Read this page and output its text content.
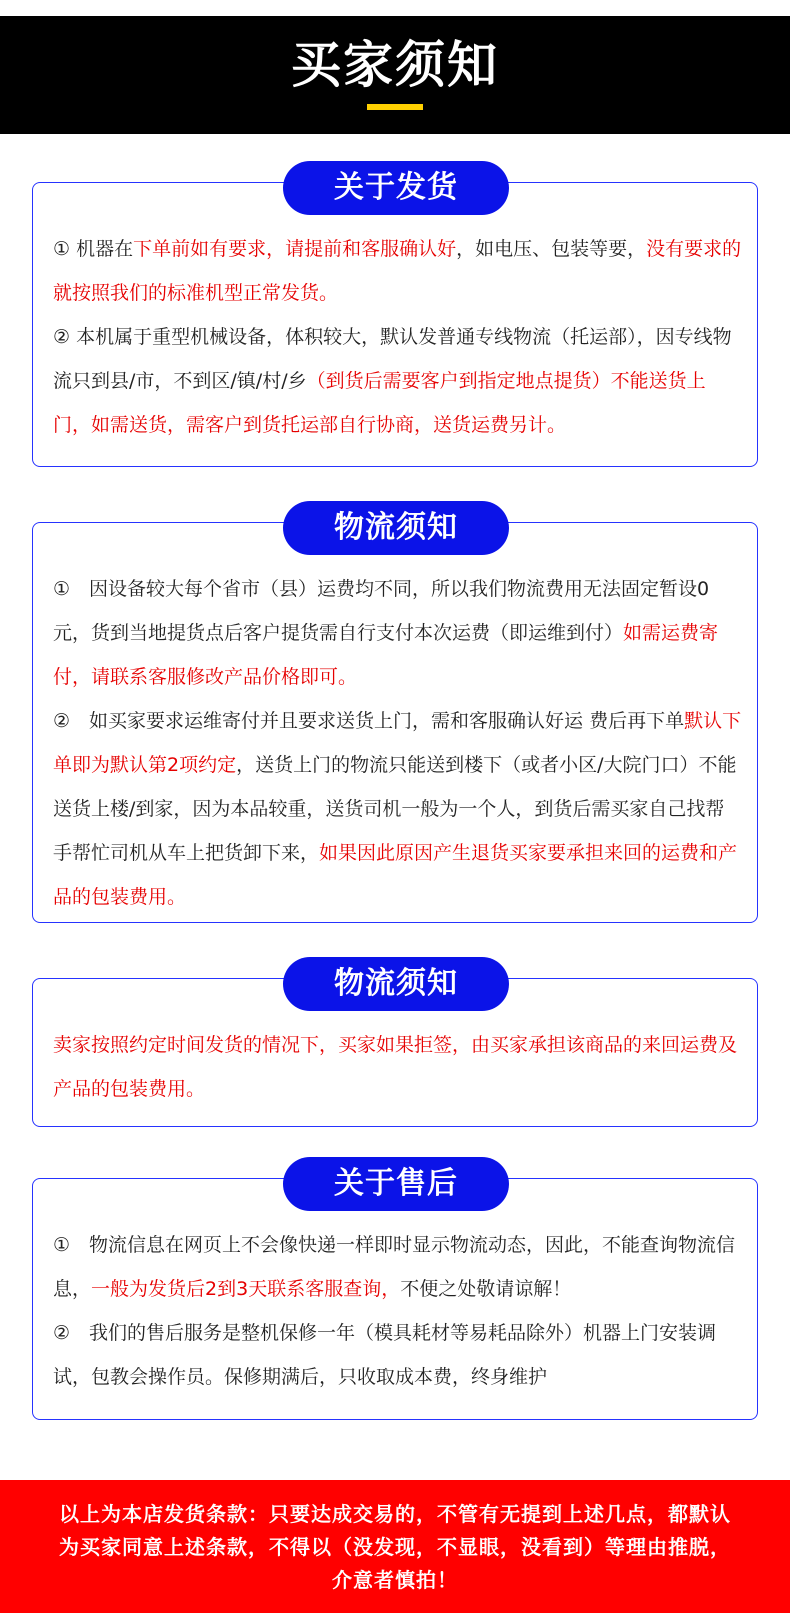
买家须知
关于发货

① 机器在下单前如有要求，请提前和客服确认好，如电压、包装等要，没有要求的就按照我们的标准机型正常发货。

② 本机属于重型机械设备，体积较大，默认发普通专线物流（托运部），因专线物流只到县/市，不到区/镇/村/乡（到货后需要客户到指定地点提货）不能送货上门，如需送货，需客户到货托运部自行协商，送货运费另计。

物流须知

①　因设备较大每个省市（县）运费均不同，所以我们物流费用无法固定暂设0元，货到当地提货点后客户提货需自行支付本次运费（即运维到付）如需运费寄付，请联系客服修改产品价格即可。

②　如买家要求运维寄付并且要求送货上门，需和客服确认好运 费后再下单默认下单即为默认第2项约定，送货上门的物流只能送到楼下（或者小区/大院门口）不能送货上楼/到家，因为本品较重，送货司机一般为一个人，到货后需买家自己找帮手帮忙司机从车上把货卸下来，如果因此原因产生退货买家要承担来回的运费和产品的包装费用。

物流须知

卖家按照约定时间发货的情况下，买家如果拒签，由买家承担该商品的来回运费及产品的包装费用。

关于售后

①　物流信息在网页上不会像快递一样即时显示物流动态，因此，不能查询物流信息，一般为发货后2到3天联系客服查询，不便之处敬请谅解！

②　我们的售后服务是整机保修一年（模具耗材等易耗品除外）机器上门安装调试，包教会操作员。保修期满后，只收取成本费，终身维护

以上为本店发货条款：只要达成交易的，不管有无提到上述几点，都默认为买家同意上述条款，不得以（没发现，不显眼，没看到）等理由推脱，介意者慎拍！
